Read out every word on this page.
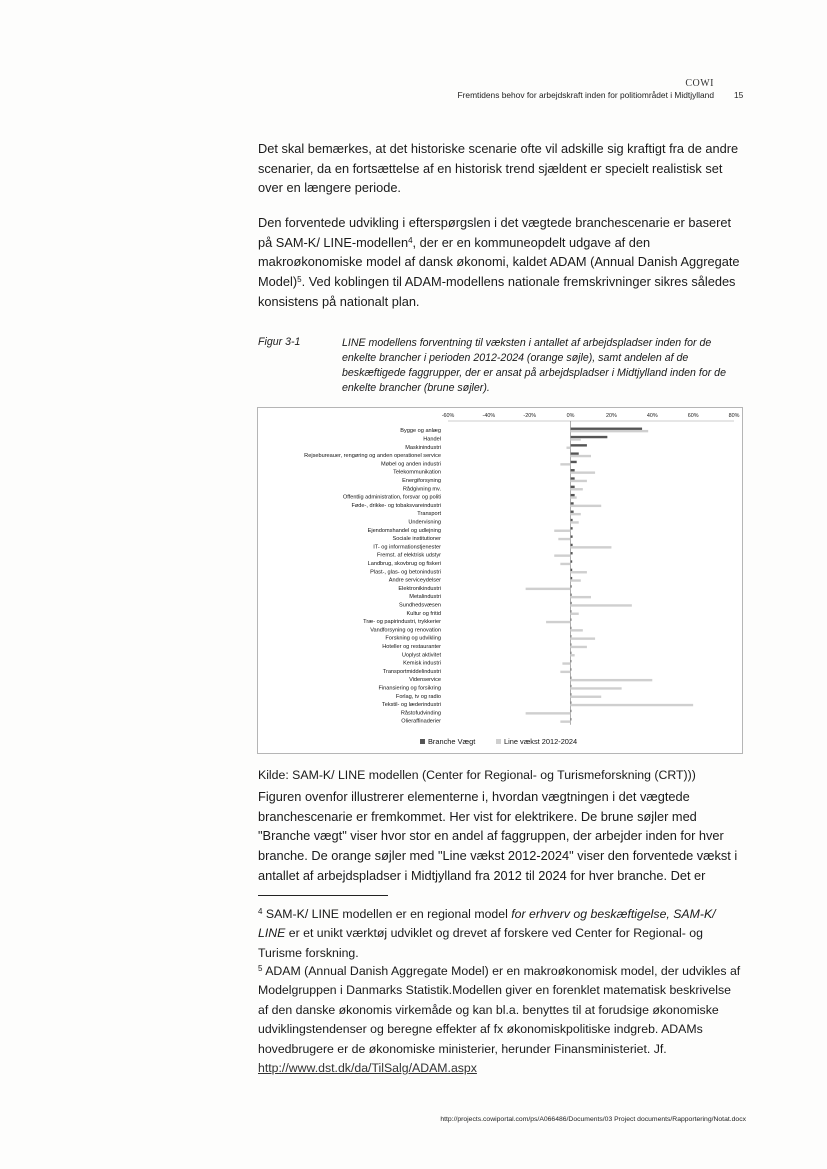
COWI
Fremtidens behov for arbejdskraft inden for politiområdet i Midtjylland 15

Det skal bemærkes, at det historiske scenarie ofte vil adskille sig kraftigt fra de andre scenarier, da en fortsættelse af en historisk trend sjældent er specielt realistisk set over en længere periode.

Den forventede udvikling i efterspørgslen i det vægtede branchescenarie er baseret på SAM-K/ LINE-modellen$^4$, der er en kommuneopdelt udgave af den makroøkonomiske model af dansk økonomi, kaldet ADAM (Annual Danish Aggregate Model)$^5$. Ved koblingen til ADAM-modellens nationale fremskrivninger sikres således konsistens på nationalt plan.

Figur 3-1	LINE modellens forventning til væksten i antallet af arbejdspladser inden for de enkelte brancher i perioden 2012-2024 (orange søjle), samt andelen af de beskæftigede faggrupper, der er ansat på arbejdspladser i Midtjylland inden for de enkelte brancher (brune søjler).

-60%	-40%	-20%	0%	20%	40%	60%	80%
Bygge og anlæg
Handel
Maskinindustri
Rejsebureauer, rengøring og anden operationel service
Møbel og anden industri
Telekommunikation
Energiforsyning
Rådgivning mv.
Offentlig administration, forsvar og politi
Føde-, drikke- og tobaksvareindustri
Transport
Undervisning
Ejendomshandel og udlejning
Sociale institutioner
IT- og informationstjenester
Fremst. af elektrisk udstyr
Landbrug, skovbrug og fiskeri
Plast-, glas- og betonindustri
Andre serviceydelser
Elektronikindustri
Metalindustri
Sundhedsvæsen
Kultur og fritid
Træ- og papirindustri, trykkerier
Vandforsyning og renovation
Forskning og udvikling
Hoteller og restauranter
Uoplyst aktivitet
Kemisk industri
Transportmiddelindustri
Videnservice
Finansiering og forsikring
Forlag, tv og radio
Tekstil- og læderindustri
Råstofudvinding
Olieraffinaderier
Branche Vægt	Line vækst 2012-2024
Kilde: SAM-K/ LINE modellen (Center for Regional- og Turismeforskning (CRT)))

Figuren ovenfor illustrerer elementerne i, hvordan vægtningen i det vægtede branchescenarie er fremkommet. Her vist for elektrikere. De brune søjler med "Branche vægt" viser hvor stor en andel af faggruppen, der arbejder inden for hver branche. De orange søjler med "Line vækst 2012-2024" viser den forventede vækst i antallet af arbejdspladser i Midtjylland fra 2012 til 2024 for hver branche. Det er

$^4$ SAM-K/ LINE modellen er en regional model for erhverv og beskæftigelse, SAM-K/ LINE er et unikt værktøj udviklet og drevet af forskere ved Center for Regional- og Turisme forskning.

$^5$ ADAM (Annual Danish Aggregate Model) er en makroøkonomisk model, der udvikles af Modelgruppen i Danmarks Statistik.Modellen giver en forenklet matematisk beskrivelse af den danske økonomis virkemåde og kan bl.a. benyttes til at forudsige økonomiske udviklingstendenser og beregne effekter af fx økonomiskpolitiske indgreb. ADAMs hovedbrugere er de økonomiske ministerier, herunder Finansministeriet. Jf. http://www.dst.dk/da/TilSalg/ADAM.aspx

http://projects.cowiportal.com/ps/A066486/Documents/03 Project documents/Rapportering/Notat.docx
